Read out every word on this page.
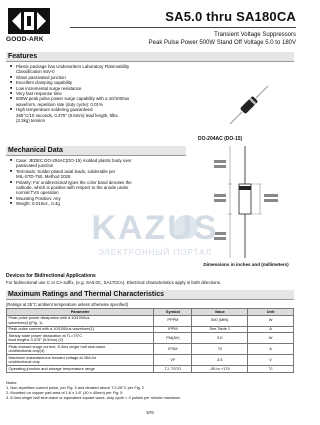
GOOD-ARK
SA5.0 thru SA180CA
Transient Voltage Suppressors
Peak Pulse Power 500W Stand Off Voltage 5.0 to 180V
Features
■ Plastic package has Underwriters Laboratory Flammability
Classification 94V-0
■ Glass passivated junction
■ Excellent clamping capability
■ Low incremental surge resistance
■ Very fast response time
■ 500W peak pulse power surge capability with a 10/1000us
waveform, repetition rate (duty cycle): 0.01%
■ High temperature soldering guaranteed:
265°C/10 seconds, 0.375" (9.5mm) lead length, 5lbs.
(2.3kg) tension
Mechanical Data
■ Case: JEDEC DO-204AC(DO-15) molded plastic body over
passivated junction
■ Terminals: Solder plated axial leads, solderable per
MIL-STD-750, Method 2026
■ Polarity: For unidirectional types the color band denotes the
cathode, which is positive with respect to the anode under
normal TVS operation
■ Mounting Position: Any
■ Weight: 0.015oz., 0.4g
DO-204AC (DO-15)
Dimensions in inches and (millimeters)
KAZUS
ЭЛЕКТРОННЫЙ ПОРТАЛ
Devices for Bidirectional Applications
For bidirectional use C or CA suffix, (e.g. SA5.0C, SA170CA). Electrical characteristics apply in both directions.
Maximum Ratings and Thermal Characteristics
(Ratings at 25°C ambient temperature unless otherwise specified)
Parameter	Symbol	Value	Unit
Peak pulse power dissipation with a 10/1000us
waveform(1)(Fig. 1)	PPPM	500 (MIN)	W
Peak pulse current with a 10/1000us waveform(1)	IPPM	See Table 1	A
Steady state power dissipation at TL=75°C
lead lengths 0.375" (9.5mm) (2)	PM(AV)	3.0	W
Peak forward surge current, 8.3ms single half sine-wave
unidirectional only(3)	IFSM	70	A
Maximum instantaneous forward voltage at 35A for
unidirectional only	VF	3.5	V
Operating junction and storage temperature range	TJ, TSTG	-55 to +175	°C
Notes:
1. Non-repetitive current pulse, per Fig. 3 and derated above TJ=25°C per Fig. 2
2. Mounted on copper pad area of 1.6 x 1.6" (40 x 40mm) per Fig. 5
3. 8.3ms single half sine-wave or equivalent square wave, duty cycle = 4 pulses per minute maximum
576
